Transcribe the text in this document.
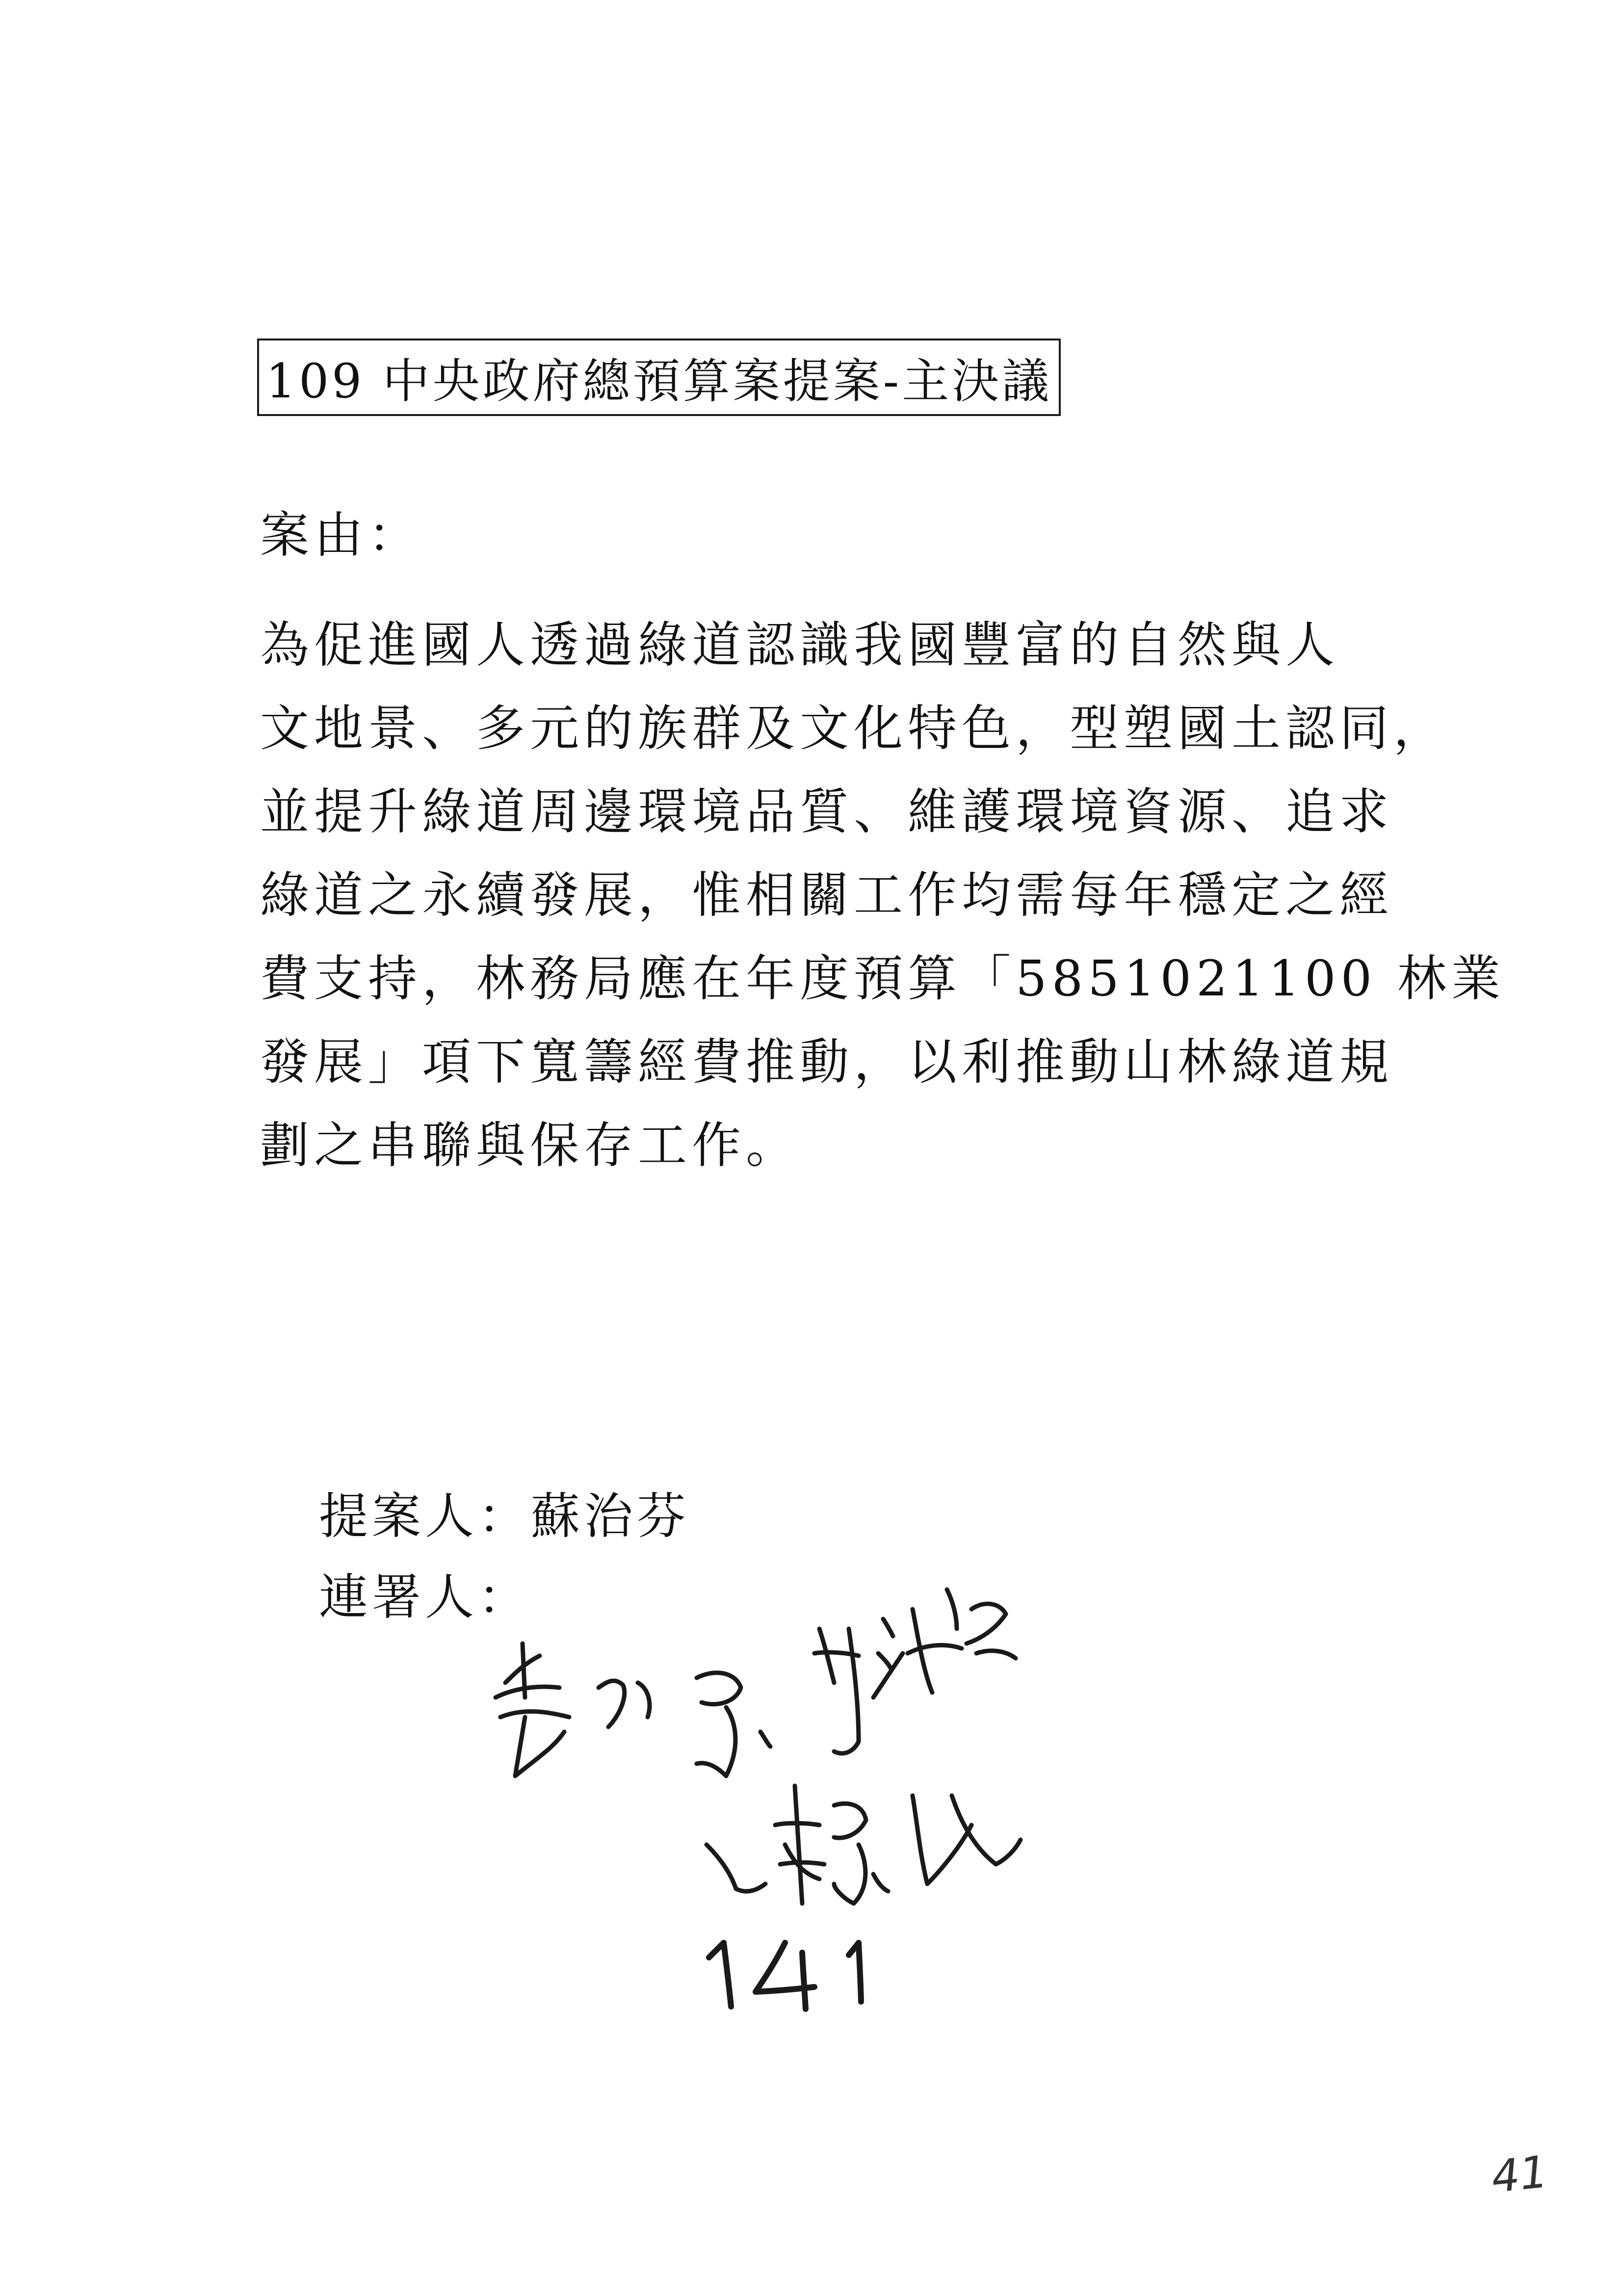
109 中央政府總預算案提案-主決議
案由：
為促進國人透過綠道認識我國豐富的自然與人
文地景、多元的族群及文化特色，型塑國土認同，
並提升綠道周邊環境品質、維護環境資源、追求
綠道之永續發展，惟相關工作均需每年穩定之經
費支持，林務局應在年度預算「5851021100 林業
發展」項下寬籌經費推動，以利推動山林綠道規
劃之串聯與保存工作。
提案人：蘇治芬
連署人：
41
